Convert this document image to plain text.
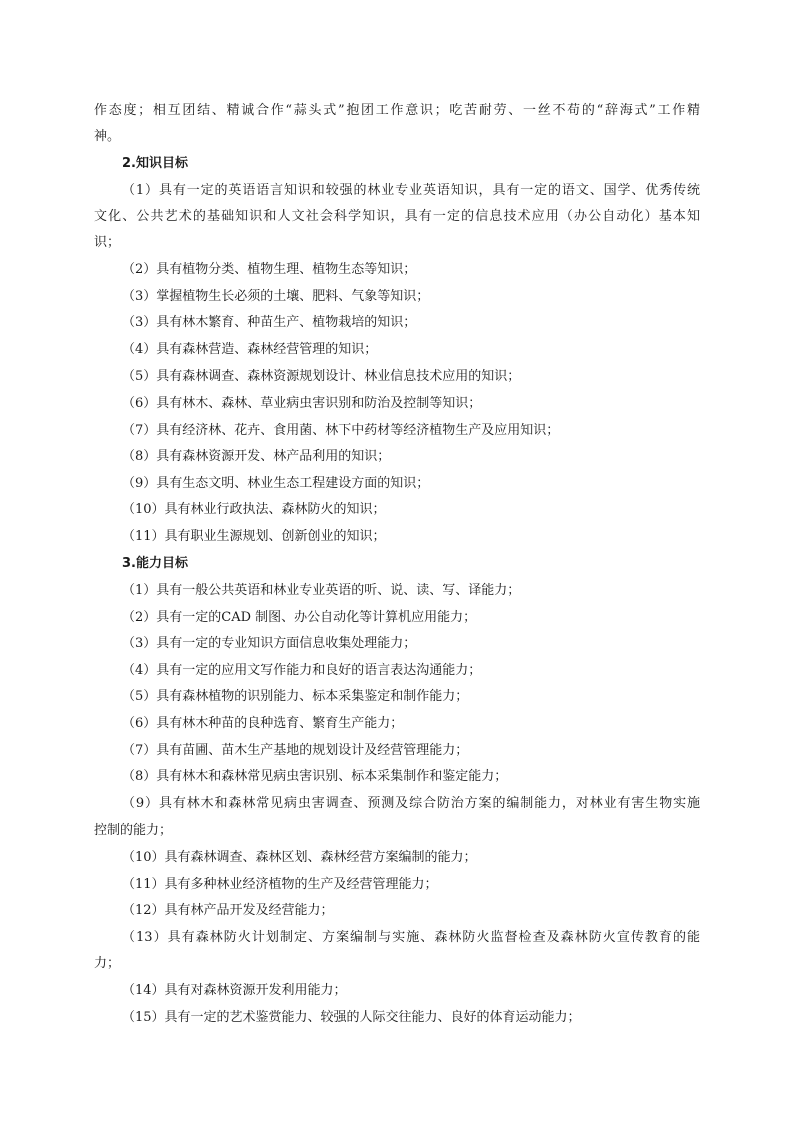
作态度；相互团结、精诚合作“蒜头式”抱团工作意识；吃苦耐劳、一丝不苟的“辞海式”工作精
神。
2.知识目标
（1）具有一定的英语语言知识和较强的林业专业英语知识，具有一定的语文、国学、优秀传统
文化、公共艺术的基础知识和人文社会科学知识，具有一定的信息技术应用（办公自动化）基本知
识；
（2）具有植物分类、植物生理、植物生态等知识；
（3）掌握植物生长必须的土壤、肥料、气象等知识；
（3）具有林木繁育、种苗生产、植物栽培的知识；
（4）具有森林营造、森林经营管理的知识；
（5）具有森林调查、森林资源规划设计、林业信息技术应用的知识；
（6）具有林木、森林、草业病虫害识别和防治及控制等知识；
（7）具有经济林、花卉、食用菌、林下中药材等经济植物生产及应用知识；
（8）具有森林资源开发、林产品利用的知识；
（9）具有生态文明、林业生态工程建设方面的知识；
（10）具有林业行政执法、森林防火的知识；
（11）具有职业生源规划、创新创业的知识；
3.能力目标
（1）具有一般公共英语和林业专业英语的听、说、读、写、译能力；
（2）具有一定的CAD 制图、办公自动化等计算机应用能力；
（3）具有一定的专业知识方面信息收集处理能力；
（4）具有一定的应用文写作能力和良好的语言表达沟通能力；
（5）具有森林植物的识别能力、标本采集鉴定和制作能力；
（6）具有林木种苗的良种选育、繁育生产能力；
（7）具有苗圃、苗木生产基地的规划设计及经营管理能力；
（8）具有林木和森林常见病虫害识别、标本采集制作和鉴定能力；
（9）具有林木和森林常见病虫害调查、预测及综合防治方案的编制能力，对林业有害生物实施
控制的能力；
（10）具有森林调查、森林区划、森林经营方案编制的能力；
（11）具有多种林业经济植物的生产及经营管理能力；
（12）具有林产品开发及经营能力；
（13）具有森林防火计划制定、方案编制与实施、森林防火监督检查及森林防火宣传教育的能
力；
（14）具有对森林资源开发利用能力；
（15）具有一定的艺术鉴赏能力、较强的人际交往能力、良好的体育运动能力；
